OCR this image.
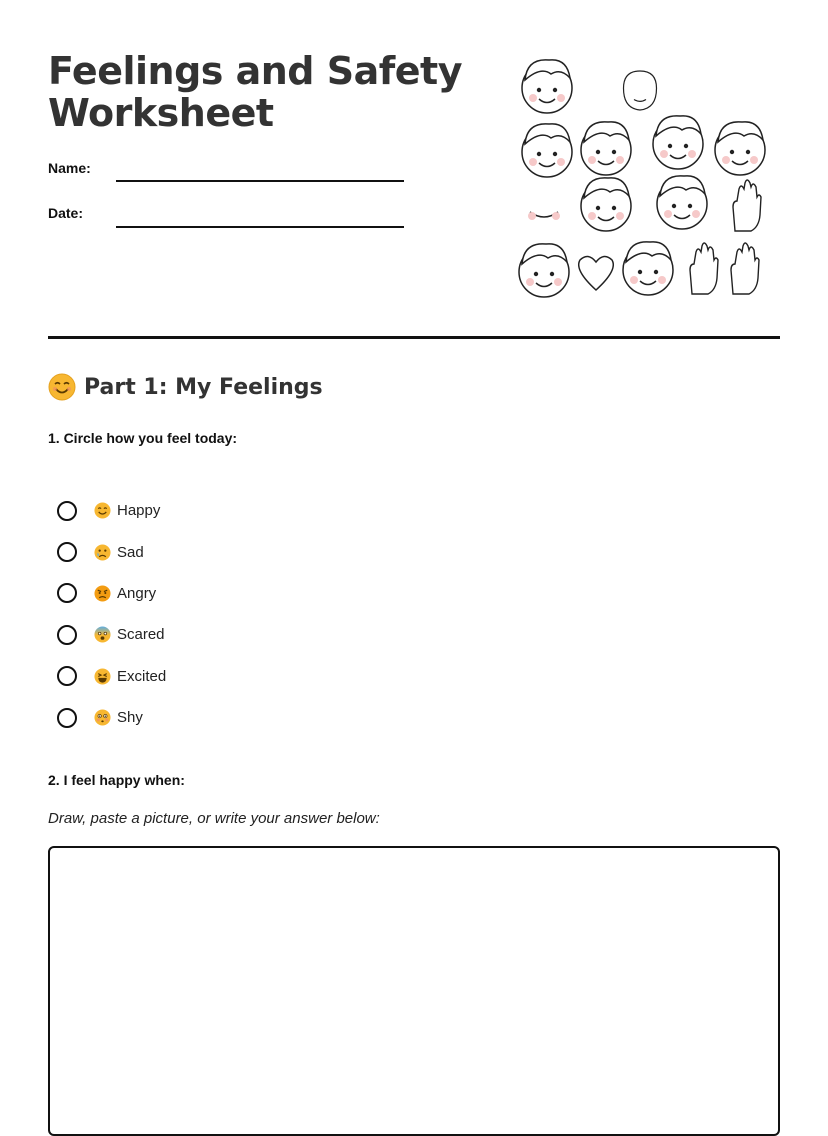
Feelings and Safety Worksheet
Name:
Date:
Part 1: My Feelings
1. Circle how you feel today:
Happy
Sad
Angry
Scared
Excited
Shy
2. I feel happy when:
Draw, paste a picture, or write your answer below:
